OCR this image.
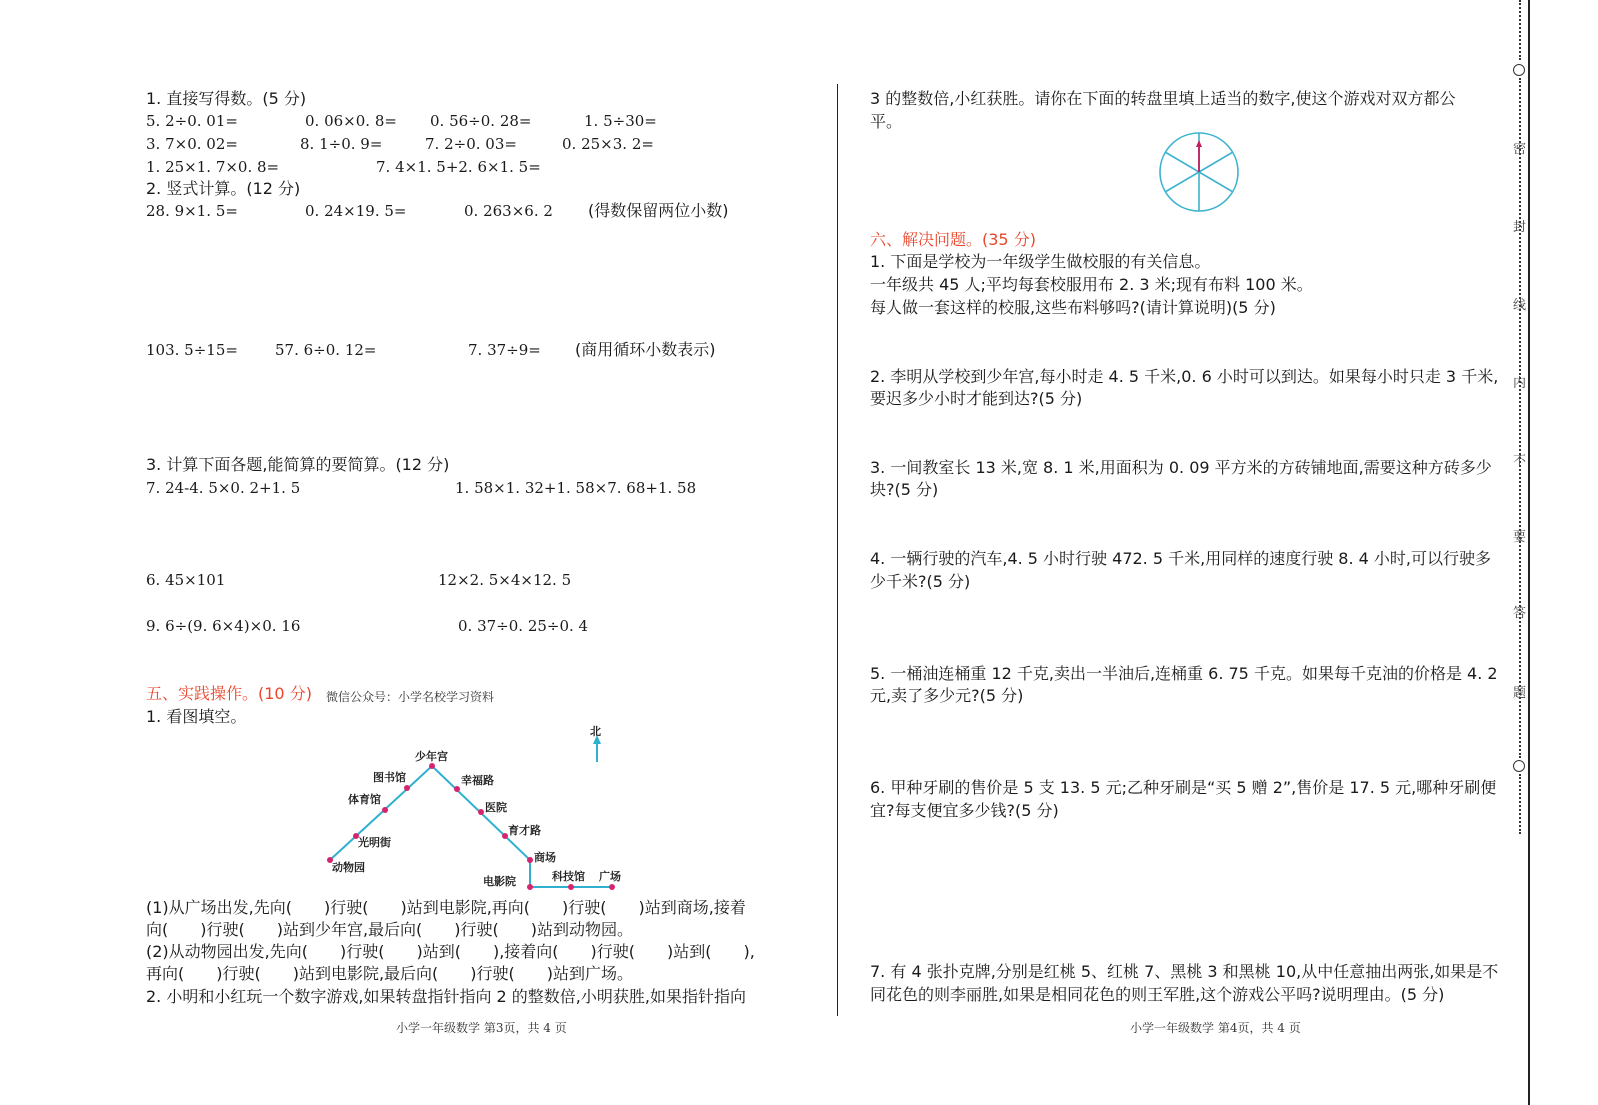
1. 直接写得数。(5 分)
5. 2÷0. 01=	0. 06×0. 8= 0. 56÷0. 28=	1. 5÷30=
3. 7×0. 02=	8. 1÷0. 9=	7. 2÷0. 03=	0. 25×3. 2=
1. 25×1. 7×0. 8=	7. 4×1. 5+2. 6×1. 5=
2. 竖式计算。(12 分)
28. 9×1. 5=	0. 24×19. 5=	0. 263×6. 2 (得数保留两位小数)
103. 5÷15= 57. 6÷0. 12=	7. 37÷9= (商用循环小数表示)
3. 计算下面各题,能简算的要简算。(12 分)
7. 24-4. 5×0. 2+1. 5	1. 58×1. 32+1. 58×7. 68+1. 58
6. 45×101	12×2. 5×4×12. 5
9. 6÷(9. 6×4)×0. 16	0. 37÷0. 25÷0. 4
五、实践操作。(10 分) 微信公众号：小学名校学习资料
1. 看图填空。
北
少年宫
图书馆	幸福路
体育馆
医院
育才路
光明街
商场
动物园
电影院	科技馆 广场
(1)从广场出发,先向(　　)行驶(　　)站到电影院,再向(　　)行驶(　　)站到商场,接着
向(　　)行驶(　　)站到少年宫,最后向(　　)行驶(　　)站到动物园。
(2)从动物园出发,先向(　　)行驶(　　)站到(　　),接着向(　　)行驶(　　)站到(　　),
再向(　　)行驶(　　)站到电影院,最后向(　　)行驶(　　)站到广场。
2. 小明和小红玩一个数字游戏,如果转盘指针指向 2 的整数倍,小明获胜,如果指针指向
小学一年级数学 第3页，共 4 页
3 的整数倍,小红获胜。请你在下面的转盘里填上适当的数字,使这个游戏对双方都公
平。
六、解决问题。(35 分)
1. 下面是学校为一年级学生做校服的有关信息。
一年级共 45 人;平均每套校服用布 2. 3 米;现有布料 100 米。
每人做一套这样的校服,这些布料够吗?(请计算说明)(5 分)
2. 李明从学校到少年宫,每小时走 4. 5 千米,0. 6 小时可以到达。如果每小时只走 3 千米,
要迟多少小时才能到达?(5 分)
3. 一间教室长 13 米,宽 8. 1 米,用面积为 0. 09 平方米的方砖铺地面,需要这种方砖多少
块?(5 分)
4. 一辆行驶的汽车,4. 5 小时行驶 472. 5 千米,用同样的速度行驶 8. 4 小时,可以行驶多
少千米?(5 分)
5. 一桶油连桶重 12 千克,卖出一半油后,连桶重 6. 75 千克。如果每千克油的价格是 4. 2
元,卖了多少元?(5 分)
6. 甲种牙刷的售价是 5 支 13. 5 元;乙种牙刷是“买 5 赠 2”,售价是 17. 5 元,哪种牙刷便
宜?每支便宜多少钱?(5 分)
7. 有 4 张扑克牌,分别是红桃 5、红桃 7、黑桃 3 和黑桃 10,从中任意抽出两张,如果是不
同花色的则李丽胜,如果是相同花色的则王军胜,这个游戏公平吗?说明理由。(5 分)
小学一年级数学 第4页，共 4 页
密
封
线
内
不
要
答
题
